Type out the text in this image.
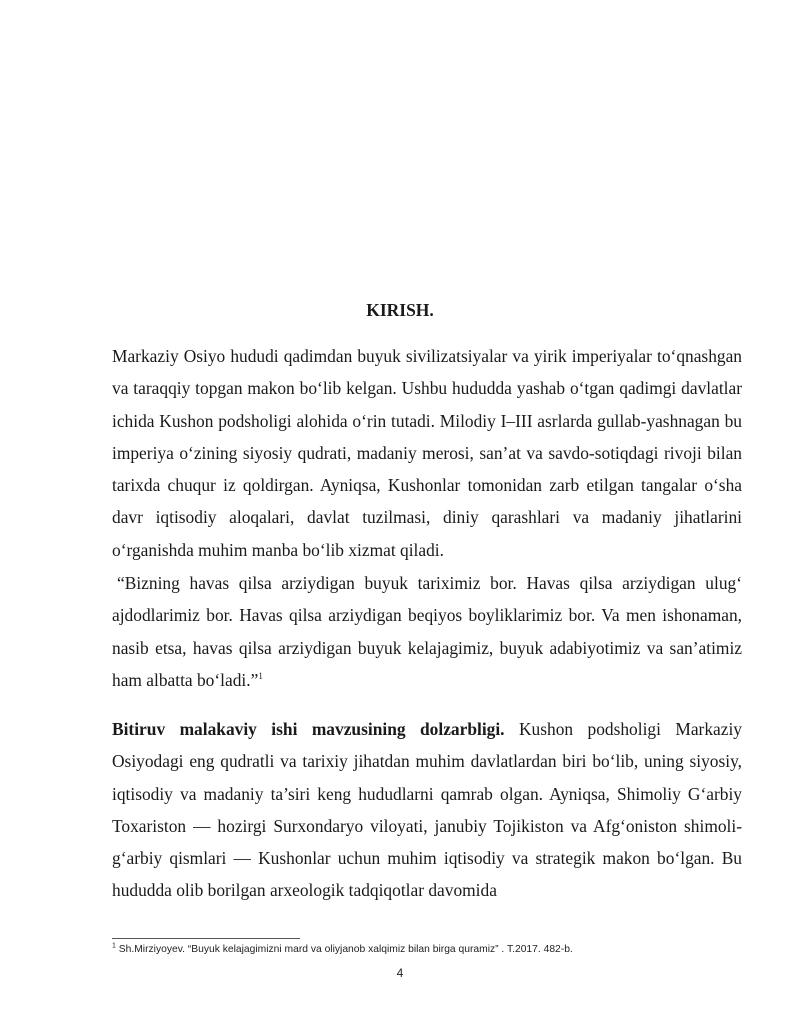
KIRISH.

Markaziy Osiyo hududi qadimdan buyuk sivilizatsiyalar va yirik imperiyalar to‘qnashgan va taraqqiy topgan makon bo‘lib kelgan. Ushbu hududda yashab o‘tgan qadimgi davlatlar ichida Kushon podsholigi alohida o‘rin tutadi. Milodiy I–III asrlarda gullab-yashnagan bu imperiya o‘zining siyosiy qudrati, madaniy merosi, san’at va savdo-sotiqdagi rivoji bilan tarixda chuqur iz qoldirgan. Ayniqsa, Kushonlar tomonidan zarb etilgan tangalar o‘sha davr iqtisodiy aloqalari, davlat tuzilmasi, diniy qarashlari va madaniy jihatlarini o‘rganishda muhim manba bo‘lib xizmat qiladi.

“Bizning havas qilsa arziydigan buyuk tariximiz bor. Havas qilsa arziydigan ulug‘ ajdodlarimiz bor. Havas qilsa arziydigan beqiyos boyliklarimiz bor. Va men ishonaman, nasib etsa, havas qilsa arziydigan buyuk kelajagimiz, buyuk adabiyotimiz va san’atimiz ham albatta bo‘ladi.”$^1$

Bitiruv malakaviy ishi mavzusining dolzarbligi. Kushon podsholigi Markaziy Osiyodagi eng qudratli va tarixiy jihatdan muhim davlatlardan biri bo‘lib, uning siyosiy, iqtisodiy va madaniy ta’siri keng hududlarni qamrab olgan. Ayniqsa, Shimoliy G‘arbiy Toxariston — hozirgi Surxondaryo viloyati, janubiy Tojikiston va Afg‘oniston shimoli-g‘arbiy qismlari — Kushonlar uchun muhim iqtisodiy va strategik makon bo‘lgan. Bu hududda olib borilgan arxeologik tadqiqotlar davomida

$^1$ Sh.Mirziyoyev. “Buyuk kelajagimizni mard va oliyjanob xalqimiz bilan birga quramiz” . T.2017. 482-b.
4
